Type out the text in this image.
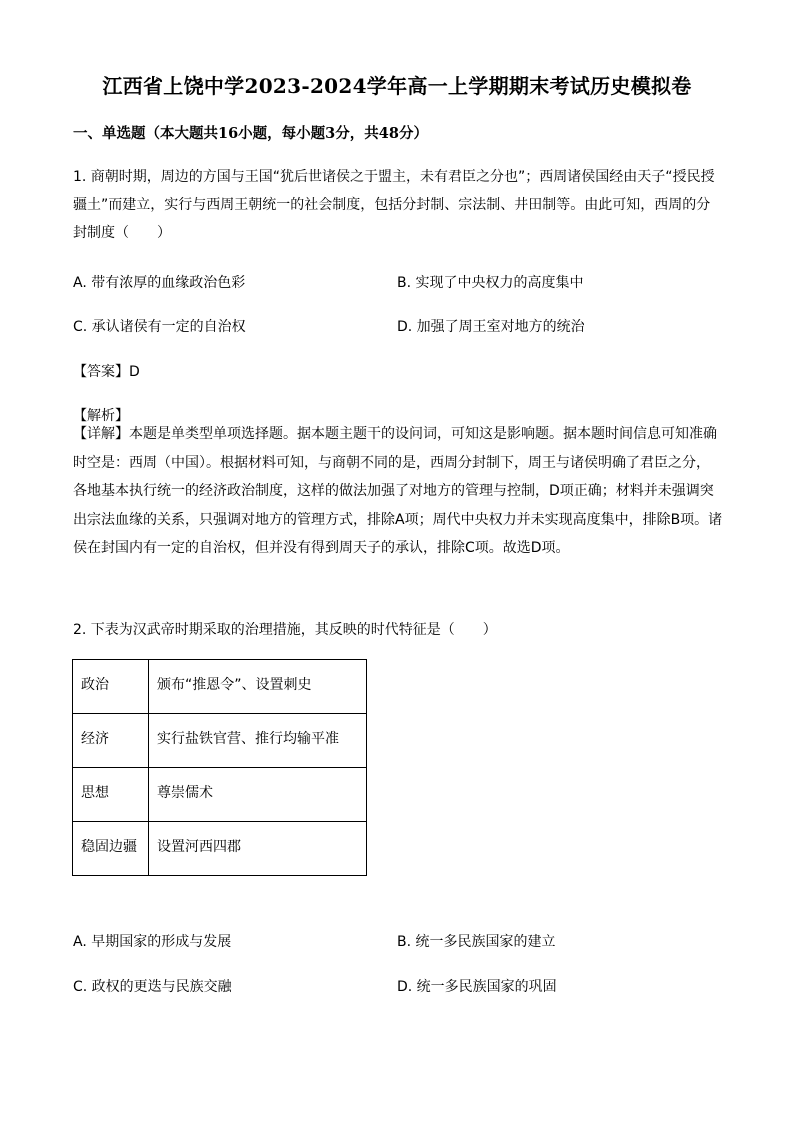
江西省上饶中学2023-2024学年高一上学期期末考试历史模拟卷
一、单选题（本大题共16小题，每小题3分，共48分）
1. 商朝时期，周边的方国与王国“犹后世诸侯之于盟主，未有君臣之分也”；西周诸侯国经由天子“授民授疆土”而建立，实行与西周王朝统一的社会制度，包括分封制、宗法制、井田制等。由此可知，西周的分封制度（　　）
A. 带有浓厚的血缘政治色彩	B. 实现了中央权力的高度集中
C. 承认诸侯有一定的自治权	D. 加强了周王室对地方的统治
【答案】D
【解析】
【详解】本题是单类型单项选择题。据本题主题干的设问词，可知这是影响题。据本题时间信息可知准确时空是：西周（中国）。根据材料可知，与商朝不同的是，西周分封制下，周王与诸侯明确了君臣之分，各地基本执行统一的经济政治制度，这样的做法加强了对地方的管理与控制，D项正确；材料并未强调突出宗法血缘的关系，只强调对地方的管理方式，排除A项；周代中央权力并未实现高度集中，排除B项。诸侯在封国内有一定的自治权，但并没有得到周天子的承认，排除C项。故选D项。
2. 下表为汉武帝时期采取的治理措施，其反映的时代特征是（　　）
政治	颁布“推恩令”、设置刺史
经济	实行盐铁官营、推行均输平准
思想	尊崇儒术
稳固边疆	设置河西四郡
A. 早期国家的形成与发展	B. 统一多民族国家的建立
C. 政权的更迭与民族交融	D. 统一多民族国家的巩固
